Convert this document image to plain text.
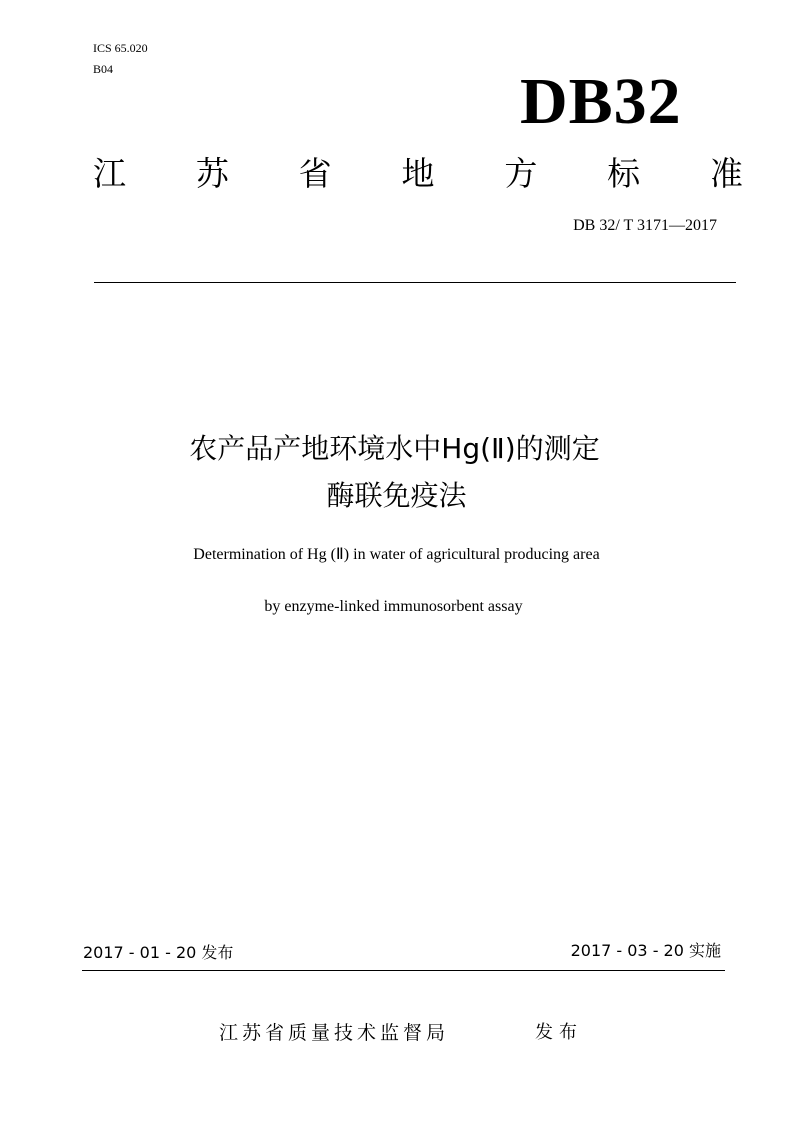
ICS 65.020
B04	DB32
江 苏 省 地 方 标 准
DB 32/ T 3171—2017
农产品产地环境水中Hg(Ⅱ)的测定
酶联免疫法
Determination of Hg (Ⅱ) in water of agricultural producing area
by enzyme-linked immunosorbent assay
2017 - 01 - 20 发布	2017 - 03 - 20 实施
江苏省质量技术监督局	发布
